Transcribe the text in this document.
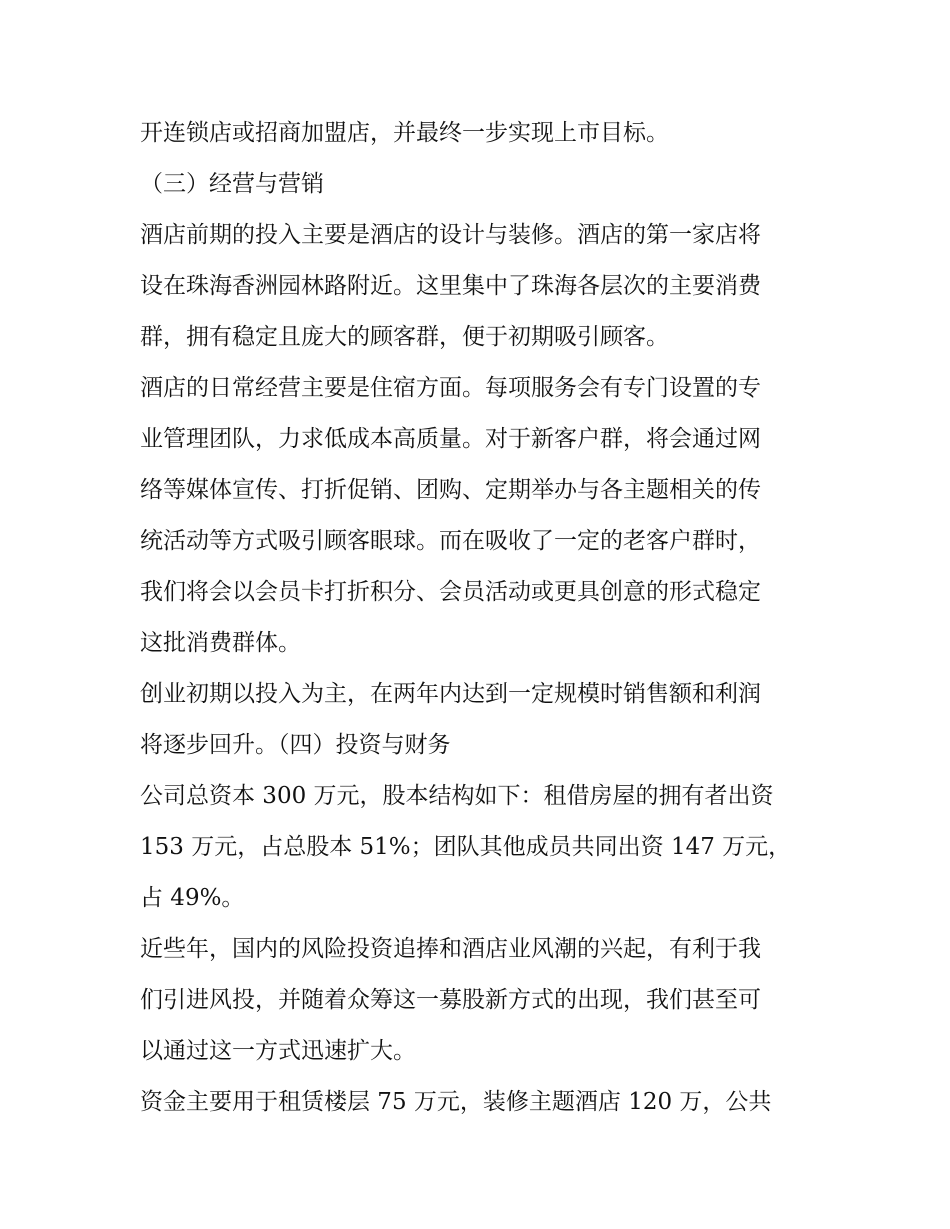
开连锁店或招商加盟店，并最终一步实现上市目标。

（三）经营与营销

酒店前期的投入主要是酒店的设计与装修。酒店的第一家店将

设在珠海香洲园林路附近。这里集中了珠海各层次的主要消费

群，拥有稳定且庞大的顾客群，便于初期吸引顾客。

酒店的日常经营主要是住宿方面。每项服务会有专门设置的专

业管理团队，力求低成本高质量。对于新客户群，将会通过网

络等媒体宣传、打折促销、团购、定期举办与各主题相关的传

统活动等方式吸引顾客眼球。而在吸收了一定的老客户群时，

我们将会以会员卡打折积分、会员活动或更具创意的形式稳定

这批消费群体。

创业初期以投入为主，在两年内达到一定规模时销售额和利润

将逐步回升。（四）投资与财务

公司总资本 300 万元，股本结构如下：租借房屋的拥有者出资

153 万元，占总股本 51%；团队其他成员共同出资 147 万元，

占 49%。

近些年，国内的风险投资追捧和酒店业风潮的兴起，有利于我

们引进风投，并随着众筹这一募股新方式的出现，我们甚至可

以通过这一方式迅速扩大。

资金主要用于租赁楼层 75 万元，装修主题酒店 120 万，公共
